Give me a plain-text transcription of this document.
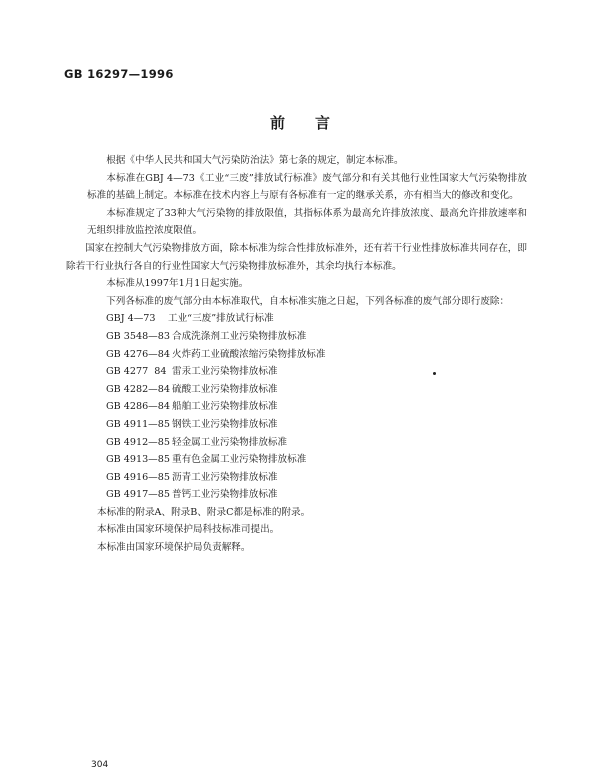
GB 16297—1996
前言

根据《中华人民共和国大气污染防治法》第七条的规定，制定本标准。

本标准在GBJ 4—73《工业“三废”排放试行标准》废气部分和有关其他行业性国家大气污染物排放标准的基础上制定。本标准在技术内容上与原有各标准有一定的继承关系，亦有相当大的修改和变化。

本标准规定了33种大气污染物的排放限值，其指标体系为最高允许排放浓度、最高允许排放速率和无组织排放监控浓度限值。

国家在控制大气污染物排放方面，除本标准为综合性排放标准外，还有若干行业性排放标准共同存在，即除若干行业执行各自的行业性国家大气污染物排放标准外，其余均执行本标准。

本标准从1997年1月1日起实施。

下列各标准的废气部分由本标准取代，自本标准实施之日起，下列各标准的废气部分即行废除：

GBJ 4—73 工业“三废”排放试行标准

GB 3548—83 合成洗涤剂工业污染物排放标准

GB 4276—84 火炸药工业硫酸浓缩污染物排放标准

GB 4277  84 雷汞工业污染物排放标准

GB 4282—84 硫酸工业污染物排放标准

GB 4286—84 船舶工业污染物排放标准

GB 4911—85 钢铁工业污染物排放标准

GB 4912—85 轻金属工业污染物排放标准

GB 4913—85 重有色金属工业污染物排放标准

GB 4916—85 沥青工业污染物排放标准

GB 4917—85 普钙工业污染物排放标准

本标准的附录A、附录B、附录C都是标准的附录。

本标准由国家环境保护局科技标准司提出。

本标准由国家环境保护局负责解释。

304
